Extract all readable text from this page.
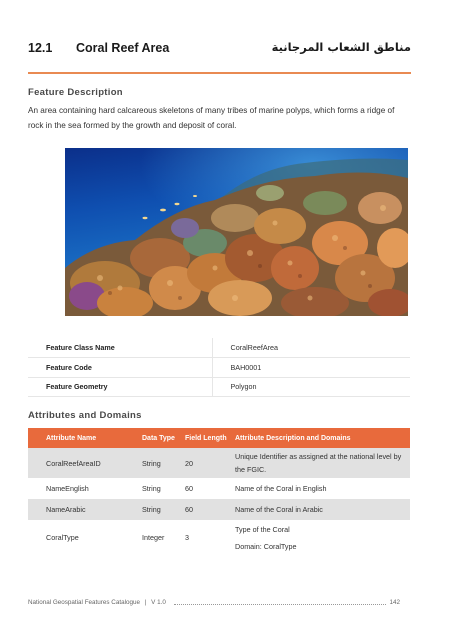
12.1 Coral Reef Area	مناطق الشعاب المرجانية
Feature Description
An area containing hard calcareous skeletons of many tribes of marine polyps, which forms a ridge of rock in the sea formed by the growth and deposit of coral.
Feature Class Name	CoralReefArea
Feature Code	BAH0001
Feature Geometry	Polygon
Attributes and Domains
Attribute Name	Data Type	Field Length	Attribute Description and Domains
CoralReefAreaID	String	20	Unique Identifier as assigned at the national level by the FGIC.
NameEnglish	String	60	Name of the Coral in English
NameArabic	String	60	Name of the Coral in Arabic
CoralType	Integer	3	Type of the Coral
Domain: CoralType
National Geospatial Features Catalogue | V 1.0	142
